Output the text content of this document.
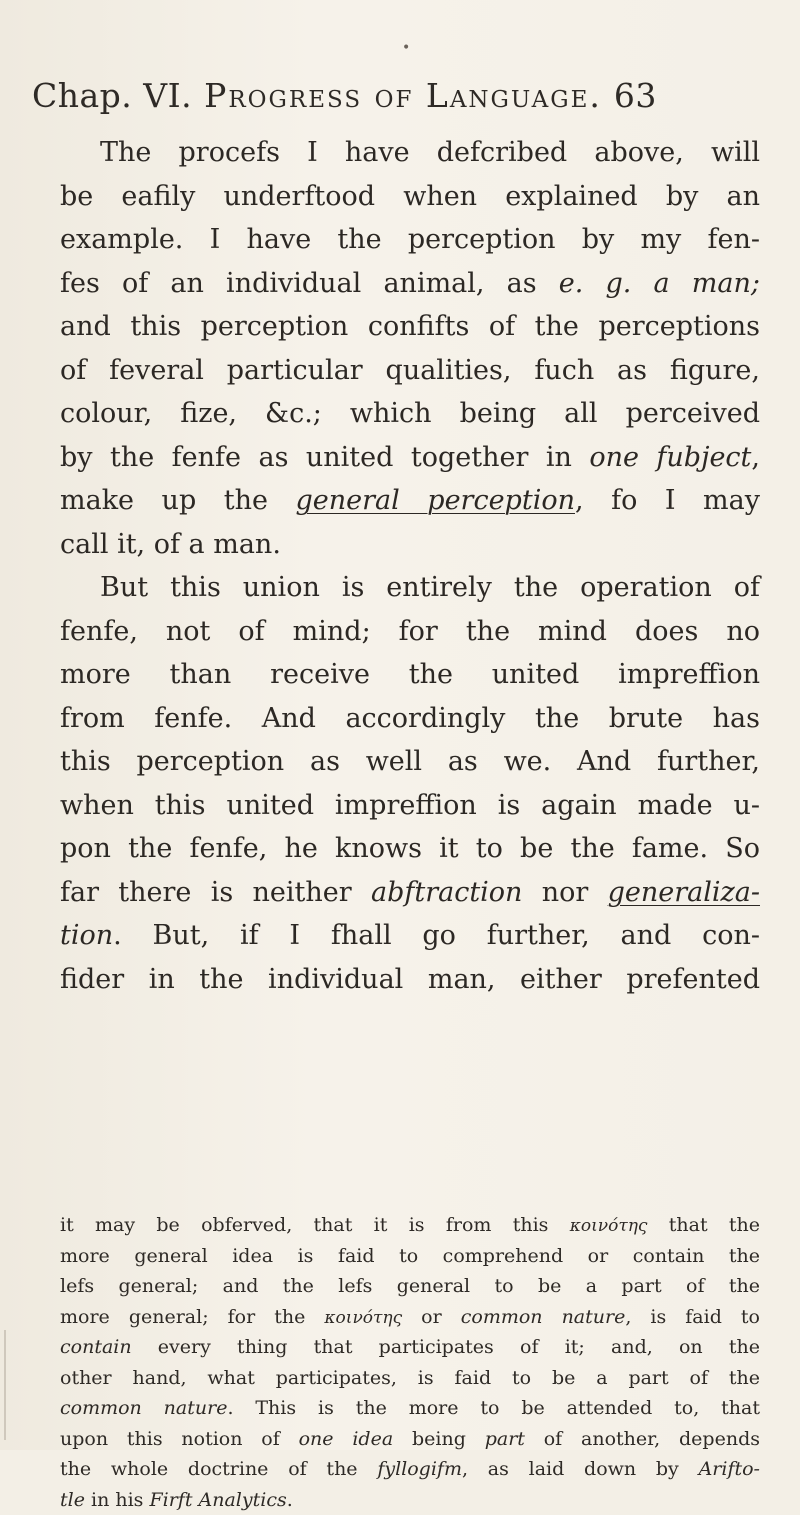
•
Chap. VI. Progress of Language. 63
The procefs I have defcribed above, will
be eafily underftood when explained by an
example. I have the perception by my fen-
fes of an individual animal, as e. g. a man;
and this perception confifts of the perceptions
of feveral particular qualities, fuch as figure,
colour, fize, &c.; which being all perceived
by the fenfe as united together in one fubject,
make up the general perception, fo I may
call it, of a man.
But this union is entirely the operation of
fenfe, not of mind; for the mind does no
more than receive the united impreffion
from fenfe. And accordingly the brute has
this perception as well as we. And further,
when this united impreffion is again made u-
pon the fenfe, he knows it to be the fame. So
far there is neither abftraction nor generaliza-
tion. But, if I fhall go further, and con-
fider in the individual man, either prefented
it may be obferved, that it is from this κοινότης that the
more general idea is faid to comprehend or contain the
lefs general; and the lefs general to be a part of the
more general; for the κοινότης or common nature, is faid to
contain every thing that participates of it; and, on the
other hand, what participates, is faid to be a part of the
common nature. This is the more to be attended to, that
upon this notion of one idea being part of another, depends
the whole doctrine of the fyllogifm, as laid down by Arifto-
tle in his Firft Analytics.
